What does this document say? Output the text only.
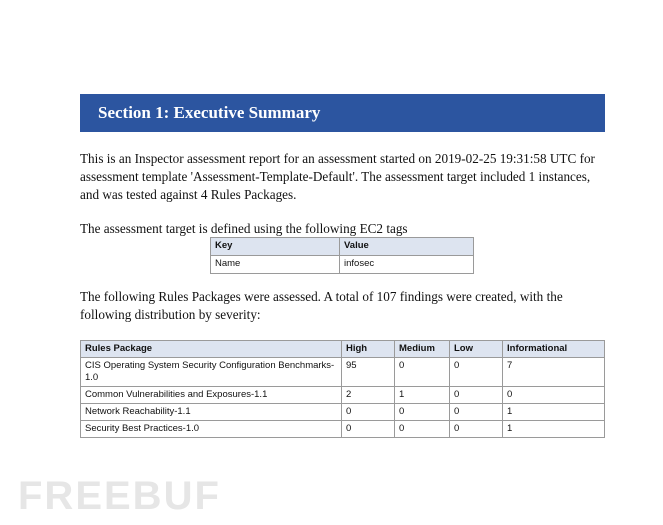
Section 1: Executive Summary

This is an Inspector assessment report for an assessment started on 2019-02-25 19:31:58 UTC for assessment template 'Assessment-Template-Default'. The assessment target included 1 instances, and was tested against 4 Rules Packages.

The assessment target is defined using the following EC2 tags

Key	Value
Name	infosec

The following Rules Packages were assessed. A total of 107 findings were created, with the following distribution by severity:

Rules Package	High	Medium	Low	Informational
CIS Operating System Security Configuration Benchmarks-1.0	95	0	0	7
Common Vulnerabilities and Exposures-1.1	2	1	0	0
Network Reachability-1.1	0	0	0	1
Security Best Practices-1.0	0	0	0	1
FREEBUF
